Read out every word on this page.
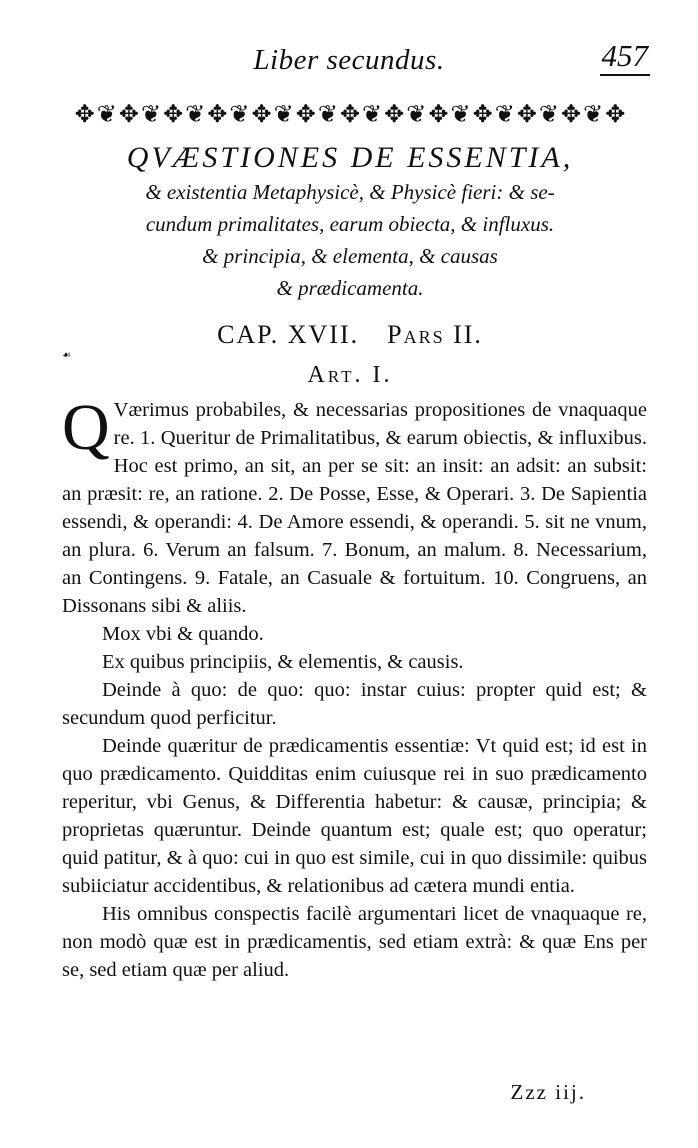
Liber secundus.	457
✥❦✥❦✥❦✥❦✥❦✥❦✥❦✥❦✥❦✥❦✥❦✥❦✥
QVÆSTIONES DE ESSENTIA,
& existentia Metaphysicè, & Physicè fieri: & se-
cundum primalitates, earum obiecta, & influxus.
& principia, & elementa, & causas
& prædicamenta.
CAP. XVII. Pars II.
☙
Art. I.

Q Værimus probabiles, & necessarias propositiones de vnaquaque re. 1. Queritur de Primalitatibus, & earum obiectis, & influxibus. Hoc est primo, an sit, an per se sit: an insit: an adsit: an subsit: an præsit: re, an ratione. 2. De Posse, Esse, & Operari. 3. De Sapientia essendi, & operandi: 4. De Amore essendi, & operandi. 5. sit ne vnum, an plura. 6. Verum an falsum. 7. Bonum, an malum. 8. Necessarium, an Contingens. 9. Fatale, an Casuale & fortuitum. 10. Congruens, an Dissonans sibi & aliis.

Mox vbi & quando.

Ex quibus principiis, & elementis, & causis.

Deinde à quo: de quo: quo: instar cuius: propter quid est; & secundum quod perficitur.

Deinde quæritur de prædicamentis essentiæ: Vt quid est; id est in quo prædicamento. Quidditas enim cuiusque rei in suo prædicamento reperitur, vbi Genus, & Differentia habetur: & causæ, principia; & proprietas quæruntur. Deinde quantum est; quale est; quo operatur; quid patitur, & à quo: cui in quo est simile, cui in quo dissimile: quibus subiiciatur accidentibus, & relationibus ad cætera mundi entia.

His omnibus conspectis facilè argumentari licet de vnaquaque re, non modò quæ est in prædicamentis, sed etiam extrà: & quæ Ens per se, sed etiam quæ per aliud.

Zzz iij.
